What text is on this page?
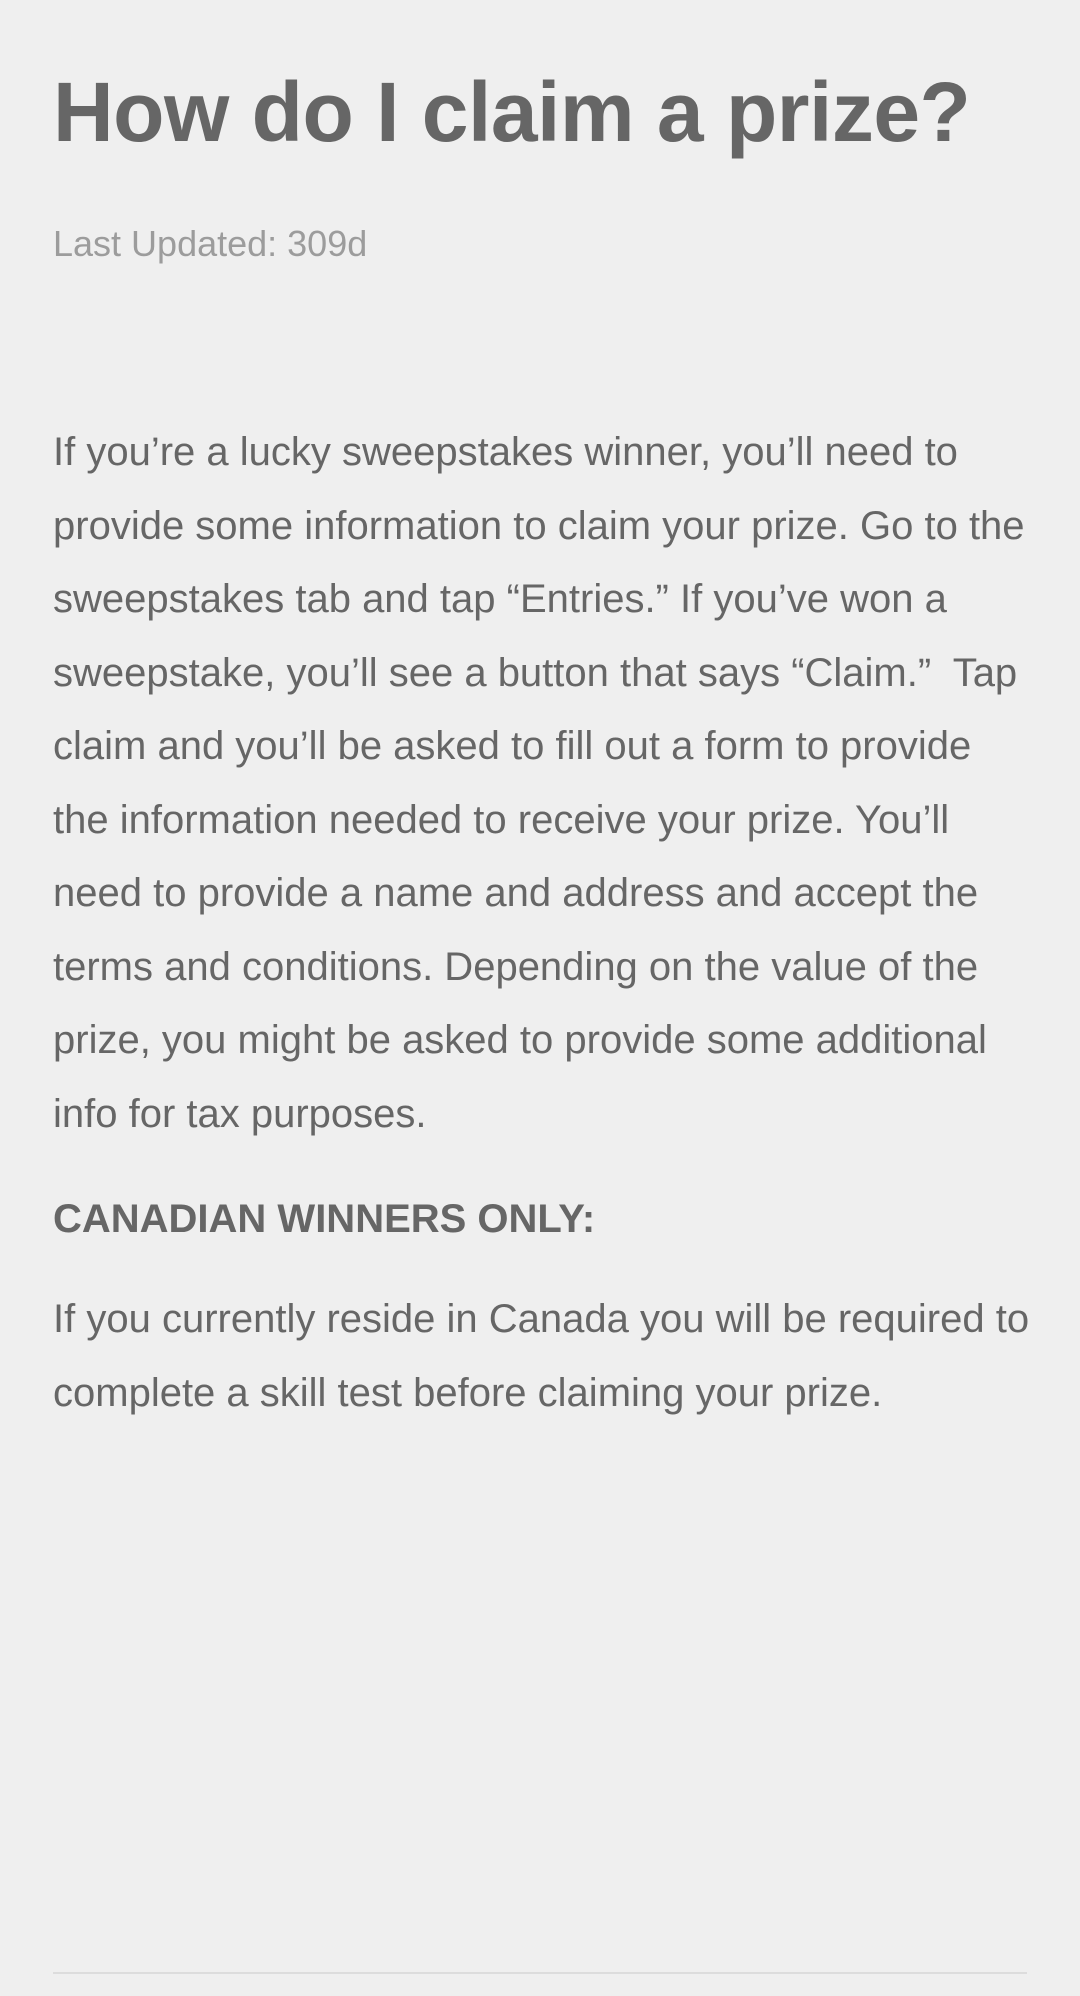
How do I claim a prize?
Last Updated: 309d

If you’re a lucky sweepstakes winner, you’ll need to provide some information to claim your prize. Go to the sweepstakes tab and tap “Entries.” If you’ve won a sweepstake, you’ll see a button that says “Claim.”  Tap claim and you’ll be asked to fill out a form to provide the information needed to receive your prize. You’ll need to provide a name and address and accept the terms and conditions. Depending on the value of the prize, you might be asked to provide some additional info for tax purposes.

CANADIAN WINNERS ONLY:
If you currently reside in Canada you will be required to complete a skill test before claiming your prize.
